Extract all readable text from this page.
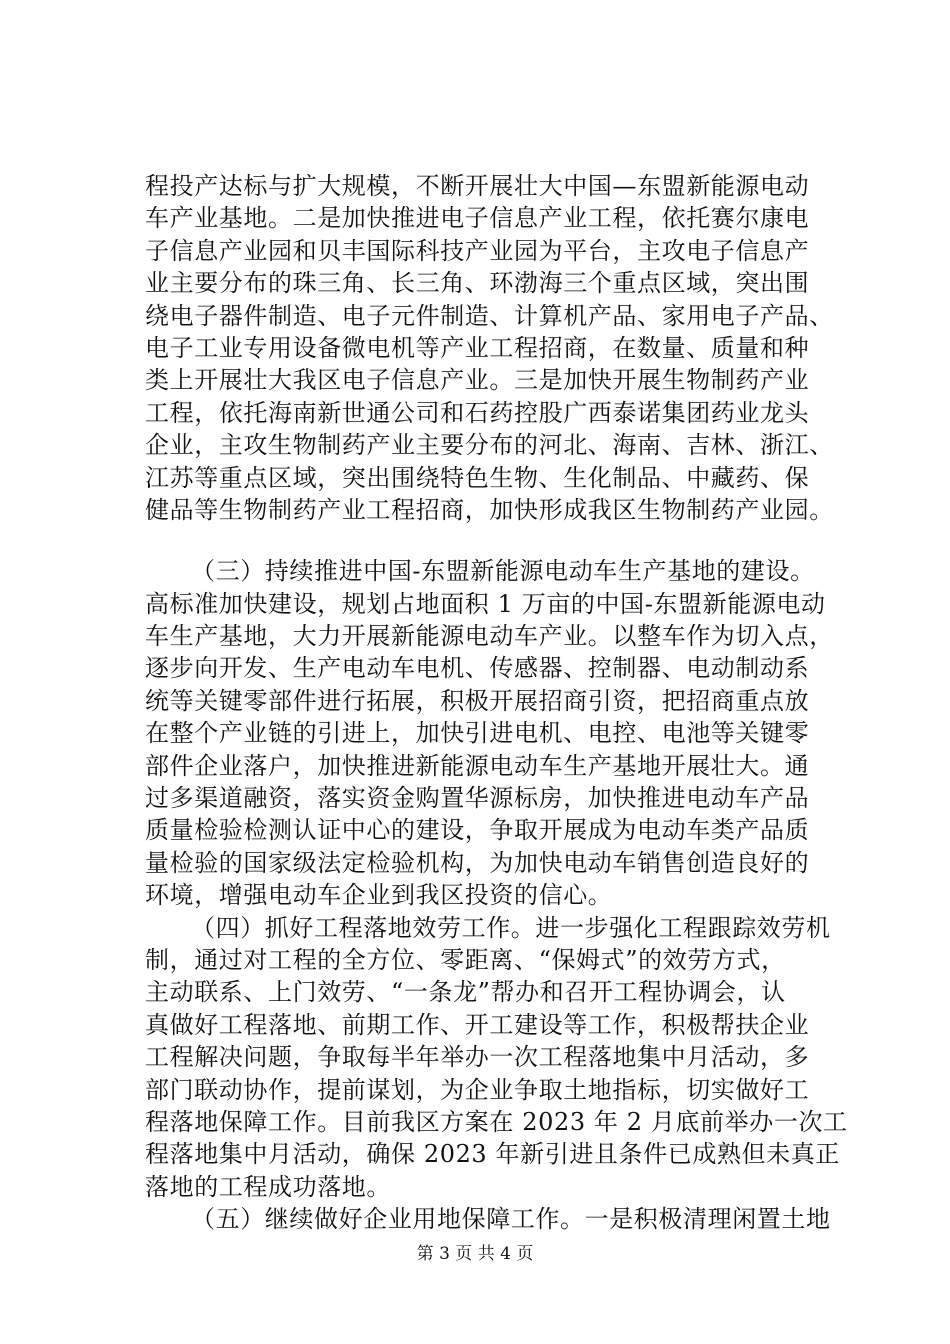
程投产达标与扩大规模，不断开展壮大中国—东盟新能源电动
车产业基地。二是加快推进电子信息产业工程，依托赛尔康电
子信息产业园和贝丰国际科技产业园为平台，主攻电子信息产
业主要分布的珠三角、长三角、环渤海三个重点区域，突出围
绕电子器件制造、电子元件制造、计算机产品、家用电子产品、
电子工业专用设备微电机等产业工程招商，在数量、质量和种
类上开展壮大我区电子信息产业。三是加快开展生物制药产业
工程，依托海南新世通公司和石药控股广西泰诺集团药业龙头
企业，主攻生物制药产业主要分布的河北、海南、吉林、浙江、
江苏等重点区域，突出围绕特色生物、生化制品、中藏药、保
健品等生物制药产业工程招商，加快形成我区生物制药产业园。
（三）持续推进中国-东盟新能源电动车生产基地的建设。
高标准加快建设，规划占地面积 1 万亩的中国-东盟新能源电动
车生产基地，大力开展新能源电动车产业。以整车作为切入点，
逐步向开发、生产电动车电机、传感器、控制器、电动制动系
统等关键零部件进行拓展，积极开展招商引资，把招商重点放
在整个产业链的引进上，加快引进电机、电控、电池等关键零
部件企业落户，加快推进新能源电动车生产基地开展壮大。通
过多渠道融资，落实资金购置华源标房，加快推进电动车产品
质量检验检测认证中心的建设，争取开展成为电动车类产品质
量检验的国家级法定检验机构，为加快电动车销售创造良好的
环境，增强电动车企业到我区投资的信心。
（四）抓好工程落地效劳工作。进一步强化工程跟踪效劳机
制，通过对工程的全方位、零距离、“保姆式”的效劳方式，
主动联系、上门效劳、“一条龙”帮办和召开工程协调会，认
真做好工程落地、前期工作、开工建设等工作，积极帮扶企业
工程解决问题，争取每半年举办一次工程落地集中月活动，多
部门联动协作，提前谋划，为企业争取土地指标，切实做好工
程落地保障工作。目前我区方案在 2023 年 2 月底前举办一次工
程落地集中月活动，确保 2023 年新引进且条件已成熟但未真正
落地的工程成功落地。
（五）继续做好企业用地保障工作。一是积极清理闲置土地
第 3 页 共 4 页
